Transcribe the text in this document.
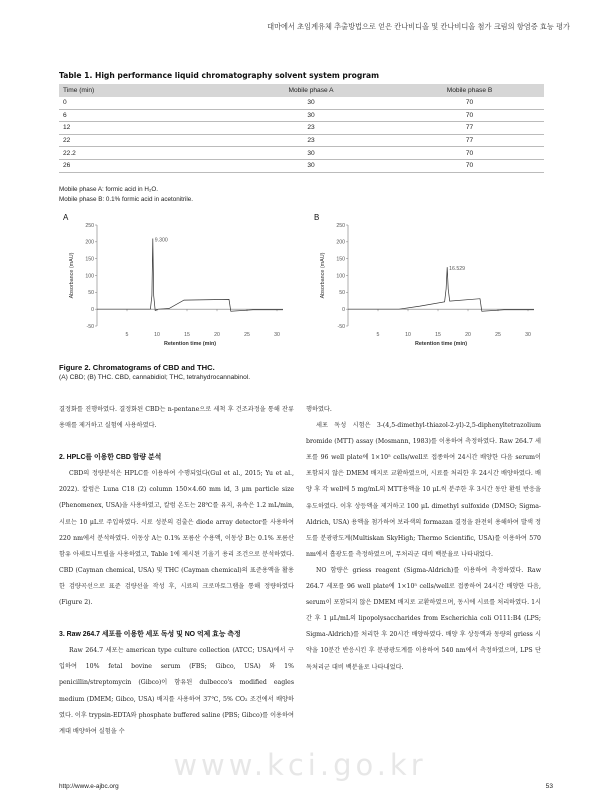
대마에서 초임계유체 추출방법으로 얻은 칸나비디올 및 칸나비디올 첨가 크림의 항염증 효능 평가
Table 1. High performance liquid chromatography solvent system program
Time (min)	Mobile phase A	Mobile phase B
0	30	70
6	30	70
12	23	77
22	23	77
22.2	30	70
26	30	70
Mobile phase A: formic acid in H₂O.
Mobile phase B: 0.1% formic acid in acetonitrile.
A	B
250
200
150
100
50
0
-50
5	10	15	20	25	30
9.300
Retention time (min)
Absorbance (mAU)
250
200
150
100
50
0
-50
5	10	15	20	25	30
16.529
Retention time (min)
Absorbance (mAU)
Figure 2. Chromatograms of CBD and THC.
(A) CBD; (B) THC. CBD, cannabidiol; THC, tetrahydrocannabinol.

결정화를 진행하였다. 결정화된 CBD는 n-pentane으로 세척 후 건조과정을 통해 잔류용매를 제거하고 실험에 사용하였다.

2. HPLC를 이용한 CBD 함량 분석

CBD의 정량분석은 HPLC를 이용하여 수행되었다(Gul et al., 2015; Yu et al., 2022). 칼럼은 Luna C18 (2) column 150×4.60 mm id, 3 μm particle size (Phenomenex, USA)을 사용하였고, 칼럼 온도는 28℃를 유지, 유속은 1.2 mL/min, 시료는 10 μL로 주입하였다. 시료 성분의 검출은 diode array detector를 사용하여 220 nm에서 분석하였다. 이동상 A는 0.1% 포름산 수용액, 이동상 B는 0.1% 포름산 함유 아세토니트릴을 사용하였고, Table 1에 제시된 기울기 용리 조건으로 분석하였다. CBD (Cayman chemical, USA) 및 THC (Cayman chemical)의 표준용액을 활용한 검량곡선으로 표준 검량선을 작성 후, 시료의 크로마토그램을 통해 정량하였다(Figure 2).

3. Raw 264.7 세포를 이용한 세포 독성 및 NO 억제 효능 측정

Raw 264.7 세포는 american type culture collection (ATCC; USA)에서 구입하여 10% fetal bovine serum (FBS; Gibco, USA) 와 1% penicillin/streptomycin (Gibco)이 함유된 dulbecco's modified eagles medium (DMEM; Gibco, USA) 배지를 사용하여 37℃, 5% CO₂ 조건에서 배양하였다. 이후 trypsin-EDTA와 phosphate buffered saline (PBS; Gibco)를 이용하여 계대 배양하여 실험을 수

행하였다.

세포 독성 시험은 3-(4,5-dimethyl-thiazol-2-yl)-2,5-diphenyltetrazolium bromide (MTT) assay (Mosmann, 1983)를 이용하여 측정하였다. Raw 264.7 세포를 96 well plate에 1×10⁵ cells/well로 접종하여 24시간 배양한 다음 serum이 포함되지 않은 DMEM 배지로 교환하였으며, 시료를 처리한 후 24시간 배양하였다. 배양 후 각 well에 5 mg/mL의 MTT용액을 10 μL씩 분주한 후 3시간 동안 환원 반응을 유도하였다. 이후 상등액을 제거하고 100 μL dimethyl sulfoxide (DMSO; Sigma-Aldrich, USA) 용액을 첨가하여 보라색의 formazan 결정을 완전히 용해하여 발색 정도를 분광광도계(Multiskan SkyHigh; Thermo Scientific, USA)를 이용하여 570 nm에서 흡광도를 측정하였으며, 무처리군 대비 백분율로 나타내었다.

NO 함량은 griess reagent (Sigma-Aldrich)를 이용하여 측정하였다. Raw 264.7 세포를 96 well plate에 1×10⁵ cells/well로 접종하여 24시간 배양한 다음, serum이 포함되지 않은 DMEM 배지로 교환하였으며, 동시에 시료를 처리하였다. 1시간 후 1 μL/mL의 lipopolysaccharides from Escherichia coli O111:B4 (LPS; Sigma-Aldrich)를 처리한 후 20시간 배양하였다. 배양 후 상등액과 동량의 griess 시약을 10분간 반응시킨 후 분광광도계를 이용하여 540 nm에서 측정하였으며, LPS 단독처리군 대비 백분율로 나타내었다.

www.kci.go.kr
http://www.e-ajbc.org	53
